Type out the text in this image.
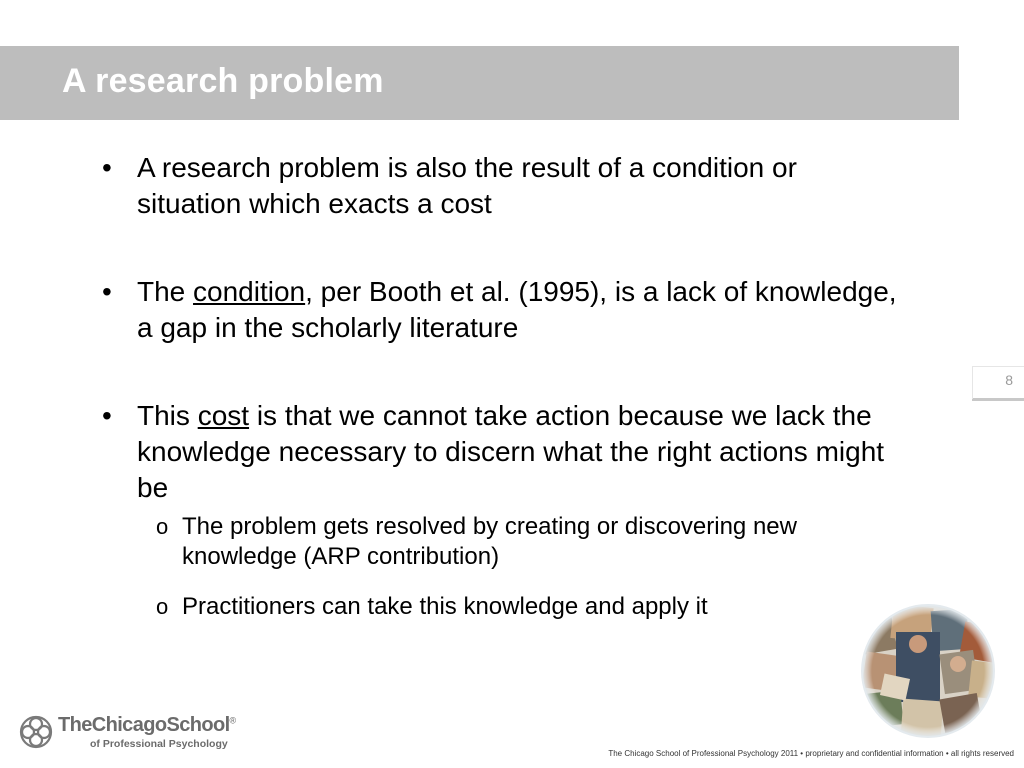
A research problem
• A research problem is also the result of a condition or situation which exacts a cost
• The condition, per Booth et al. (1995), is a lack of knowledge, a gap in the scholarly literature
• This cost is that we cannot take action because we lack the knowledge necessary to discern what the right actions might be
o The problem gets resolved by creating or discovering new knowledge (ARP contribution)
o Practitioners can take this knowledge and apply it
8
TheChicagoSchool®
of Professional Psychology
The Chicago School of Professional Psychology 2011 • proprietary and confidential information • all rights reserved
